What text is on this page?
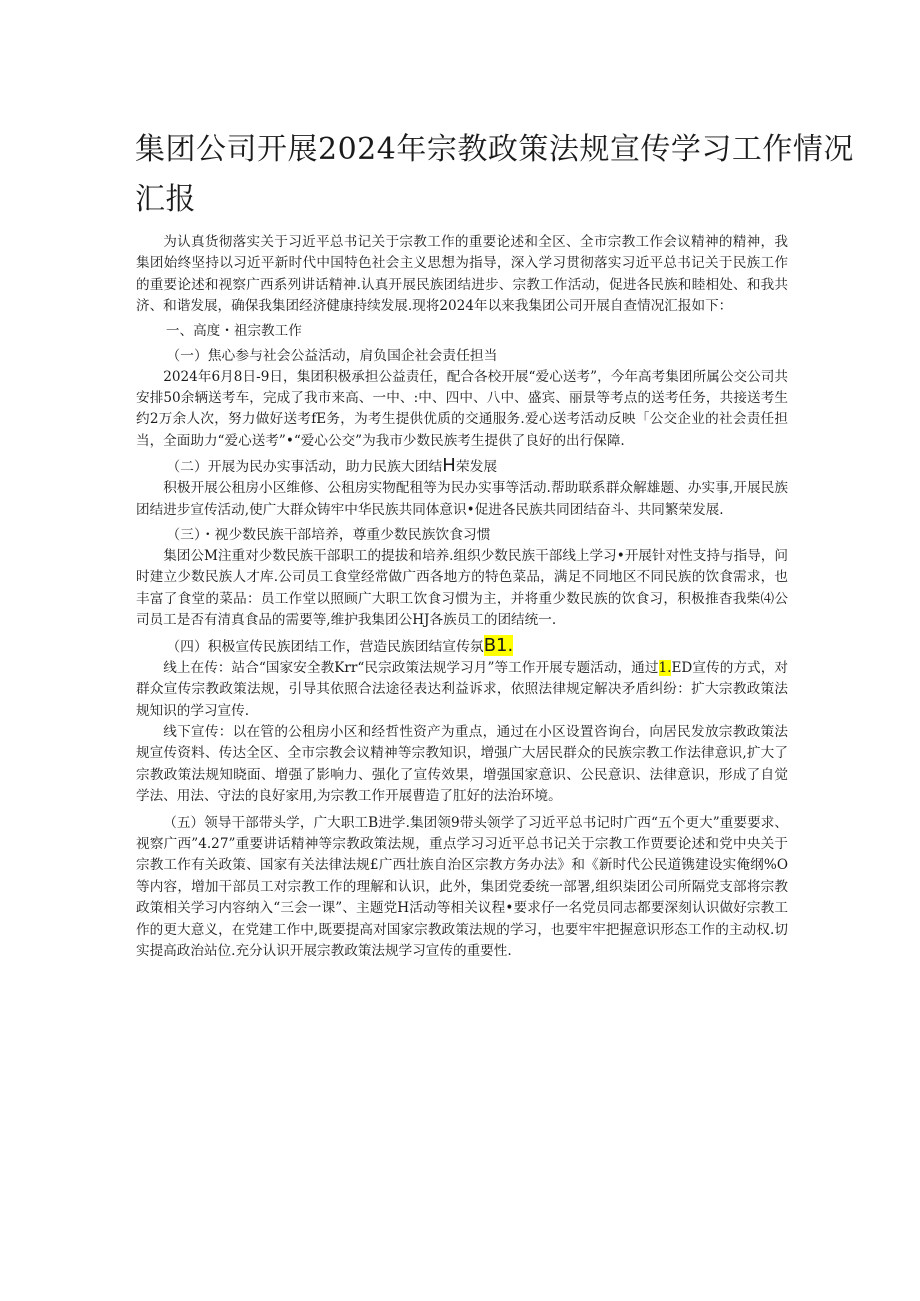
集团公司开展2024年宗教政策法规宣传学习工作情况
汇报

为认真货彻落实关于习近平总书记关于宗教工作的重要论述和全区、全市宗教工作会议精神的精神，我集团始终坚持以习近平新时代中国特色社会主义思想为指导，深入学习贯彻落实习近平总书记关于民族工作的重要论述和视察广西系列讲话精神.认真开展民族团结进步、宗教工作活动，促进各民族和睦相处、和我共济、和谐发展，确保我集团经济健康持续发展.现将2024年以来我集团公司开展自查情况汇报如下：

一、高度・祖宗教工作

（一）焦心参与社会公益活动，肩负国企社会责任担当

2024年6月8日-9日，集团积极承担公益责任，配合各校开展“爱心送考”，今年高考集团所属公交公司共安排50余辆送考车，完成了我市来高、一中、:中、四中、八中、盛宾、丽景等考点的送考任务，共接送考生约2万余人次，努力做好送考fE务，为考生提供优质的交通服务.爱心送考活动反映「公交企业的社会责任担当，全面助力“爱心送考”•“爱心公交”为我市少数民族考生提供了良好的出行保障.

（二）开展为民办实事活动，助力民族大团结H荣发展

积极开展公租房小区维修、公租房实物配租等为民办实事等活动.帮助联系群众解雄题、办实事,开展民族团结进步宣传活动,使广大群众铸牢中华民族共同体意识•促进各民族共同团结奋斗、共同繁荣发展.

（三）・视少数民族干部培养，尊重少数民族饮食习惯

集团公M注重对少数民族干部职工的提拔和培养.组织少数民族干部线上学习•开展针对性支持与指导，问时建立少数民族人才库.公司员工食堂经常做广西各地方的特色菜品，满足不同地区不同民族的饮食需求，也丰富了食堂的菜品：员工作堂以照顾广大职工饮食习惯为主，并将重少数民族的饮食习，积极推杳我柴⑷公司员工是否有清真食品的需要等,维护我集团公HJ各族员工的团结统一.

（四）积极宣传民族团结工作，营造民族团结宣传氛B1.

线上在传：站合“国家安全教Krr“民宗政策法规学习月”等工作开展专题活动，通过1.ED宣传的方式，对群众宣传宗教政策法规，引导其依照合法途径表达利益诉求，依照法律规定解决矛盾纠纷：扩大宗教政策法规知识的学习宣传.

线下宣传：以在管的公租房小区和经哲性资产为重点，通过在小区设置咨询台，向居民发放宗教政策法规宣传资料、传达全区、全市宗教会议精神等宗教知识，增强广大居民群众的民族宗教工作法律意识,扩大了宗教政策法规知晓面、增强了影响力、强化了宣传效果，增强国家意识、公民意识、法律意识，形成了自觉学法、用法、守法的良好家用,为宗教工作开展曹造了肛好的法治环境。

（五）领导干部带头学，广大职工B进学.集团领9带头领学了习近平总书记时广西“五个更大”重要要求、视察广西”4.27”重要讲话精神等宗教政策法规，重点学习习近平总书记关于宗教工作贾要论述和党中央关于宗教工作有关政策、国家有关法律法规£广西壮族自治区宗教方务办法》和《新时代公民道镌建设实俺纲%O等内容，增加干部员工对宗教工作的理解和认识，此外，集团党委统一部署,组织柒团公司所隔党支部将宗教政策相关学习内容纳入“三会一课”、主题党H活动等相关议程•要求仔一名党员同志都要深刻认识做好宗教工作的更大意义，在党建工作中,既要提高对国家宗教政策法规的学习，也要牢牢把握意识形态工作的主动权.切实提高政治站位.充分认识开展宗教政策法规学习宣传的重要性.
